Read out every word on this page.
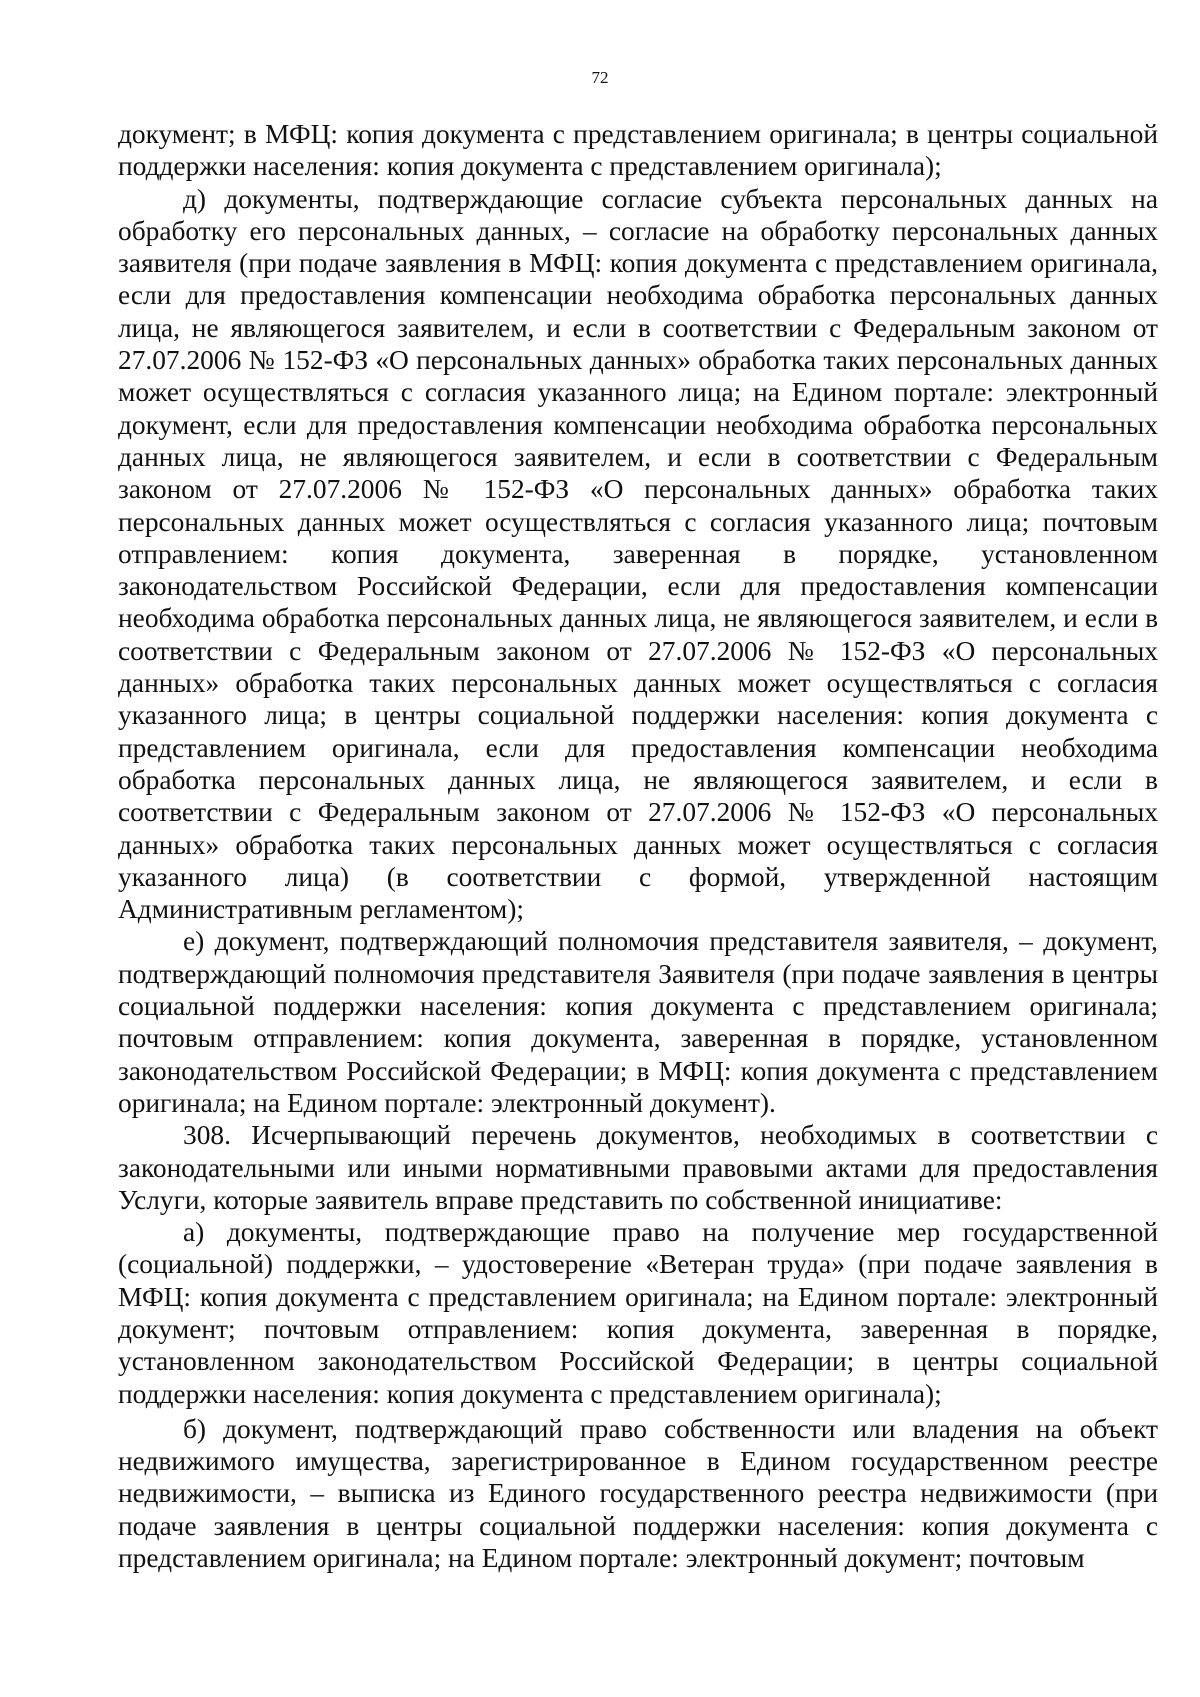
72

документ; в МФЦ: копия документа с представлением оригинала; в центры социальной поддержки населения: копия документа с представлением оригинала);

д) документы, подтверждающие согласие субъекта персональных данных на обработку его персональных данных, – согласие на обработку персональных данных заявителя (при подаче заявления в МФЦ: копия документа с представлением оригинала, если для предоставления компенсации необходима обработка персональных данных лица, не являющегося заявителем, и если в соответствии с Федеральным законом от 27.07.2006 № 152-ФЗ «О персональных данных» обработка таких персональных данных может осуществляться с согласия указанного лица; на Едином портале: электронный документ, если для предоставления компенсации необходима обработка персональных данных лица, не являющегося заявителем, и если в соответствии с Федеральным законом от 27.07.2006 № 152-ФЗ «О персональных данных» обработка таких персональных данных может осуществляться с согласия указанного лица; почтовым отправлением: копия документа, заверенная в порядке, установленном законодательством Российской Федерации, если для предоставления компенсации необходима обработка персональных данных лица, не являющегося заявителем, и если в соответствии с Федеральным законом от 27.07.2006 № 152-ФЗ «О персональных данных» обработка таких персональных данных может осуществляться с согласия указанного лица; в центры социальной поддержки населения: копия документа с представлением оригинала, если для предоставления компенсации необходима обработка персональных данных лица, не являющегося заявителем, и если в соответствии с Федеральным законом от 27.07.2006 № 152-ФЗ «О персональных данных» обработка таких персональных данных может осуществляться с согласия указанного лица) (в соответствии с формой, утвержденной настоящим Административным регламентом);

е) документ, подтверждающий полномочия представителя заявителя, – документ, подтверждающий полномочия представителя Заявителя (при подаче заявления в центры социальной поддержки населения: копия документа с представлением оригинала; почтовым отправлением: копия документа, заверенная в порядке, установленном законодательством Российской Федерации; в МФЦ: копия документа с представлением оригинала; на Едином портале: электронный документ).

308. Исчерпывающий перечень документов, необходимых в соответствии с законодательными или иными нормативными правовыми актами для предоставления Услуги, которые заявитель вправе представить по собственной инициативе:

а) документы, подтверждающие право на получение мер государственной (социальной) поддержки, – удостоверение «Ветеран труда» (при подаче заявления в МФЦ: копия документа с представлением оригинала; на Едином портале: электронный документ; почтовым отправлением: копия документа, заверенная в порядке, установленном законодательством Российской Федерации; в центры социальной поддержки населения: копия документа с представлением оригинала);

б) документ, подтверждающий право собственности или владения на объект недвижимого имущества, зарегистрированное в Едином государственном реестре недвижимости, – выписка из Единого государственного реестра недвижимости (при подаче заявления в центры социальной поддержки населения: копия документа с представлением оригинала; на Едином портале: электронный документ; почтовым
